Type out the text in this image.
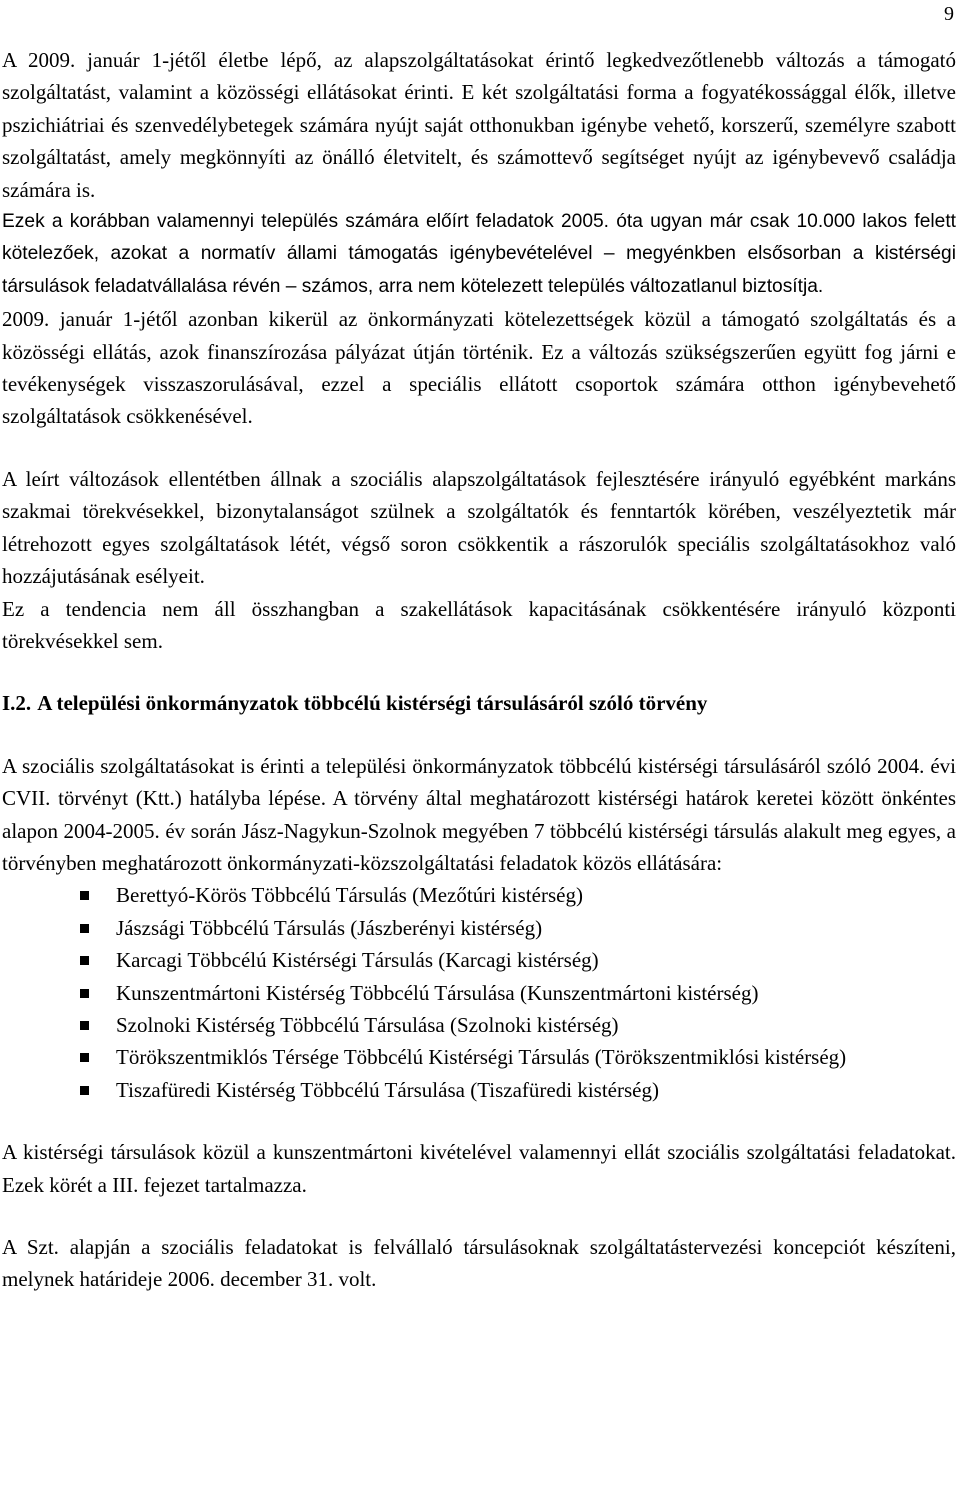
9

A 2009. január 1-jétől életbe lépő, az alapszolgáltatásokat érintő legkedvezőtlenebb változás a támogató szolgáltatást, valamint a közösségi ellátásokat érinti. E két szolgáltatási forma a fogyatékossággal élők, illetve pszichiátriai és szenvedélybetegek számára nyújt saját otthonukban igénybe vehető, korszerű, személyre szabott szolgáltatást, amely megkönnyíti az önálló életvitelt, és számottevő segítséget nyújt az igénybevevő családja számára is.

Ezek a korábban valamennyi település számára előírt feladatok 2005. óta ugyan már csak 10.000 lakos felett kötelezőek, azokat a normatív állami támogatás igénybevételével – megyénkben elsősorban a kistérségi társulások feladatvállalása révén – számos, arra nem kötelezett település változatlanul biztosítja.

2009. január 1-jétől azonban kikerül az önkormányzati kötelezettségek közül a támogató szolgáltatás és a közösségi ellátás, azok finanszírozása pályázat útján történik. Ez a változás szükségszerűen együtt fog járni e tevékenységek visszaszorulásával, ezzel a speciális ellátott csoportok számára otthon igénybevehető szolgáltatások csökkenésével.

A leírt változások ellentétben állnak a szociális alapszolgáltatások fejlesztésére irányuló egyébként markáns szakmai törekvésekkel, bizonytalanságot szülnek a szolgáltatók és fenntartók körében, veszélyeztetik már létrehozott egyes szolgáltatások létét, végső soron csökkentik a rászorulók speciális szolgáltatásokhoz való hozzájutásának esélyeit.

Ez a tendencia nem áll összhangban a szakellátások kapacitásának csökkentésére irányuló központi törekvésekkel sem.

I.2. A települési önkormányzatok többcélú kistérségi társulásáról szóló törvény

A szociális szolgáltatásokat is érinti a települési önkormányzatok többcélú kistérségi társulásáról szóló 2004. évi CVII. törvényt (Ktt.) hatályba lépése. A törvény által meghatározott kistérségi határok keretei között önkéntes alapon 2004-2005. év során Jász-Nagykun-Szolnok megyében 7 többcélú kistérségi társulás alakult meg egyes, a törvényben meghatározott önkormányzati-közszolgáltatási feladatok közös ellátására:

Berettyó-Körös Többcélú Társulás (Mezőtúri kistérség)
Jászsági Többcélú Társulás (Jászberényi kistérség)
Karcagi Többcélú Kistérségi Társulás (Karcagi kistérség)
Kunszentmártoni Kistérség Többcélú Társulása (Kunszentmártoni kistérség)
Szolnoki Kistérség Többcélú Társulása (Szolnoki kistérség)
Törökszentmiklós Térsége Többcélú Kistérségi Társulás (Törökszentmiklósi kistérség)
Tiszafüredi Kistérség Többcélú Társulása (Tiszafüredi kistérség)

A kistérségi társulások közül a kunszentmártoni kivételével valamennyi ellát szociális szolgáltatási feladatokat. Ezek körét a III. fejezet tartalmazza.

A Szt. alapján a szociális feladatokat is felvállaló társulásoknak szolgáltatástervezési koncepciót készíteni, melynek határideje 2006. december 31. volt.
